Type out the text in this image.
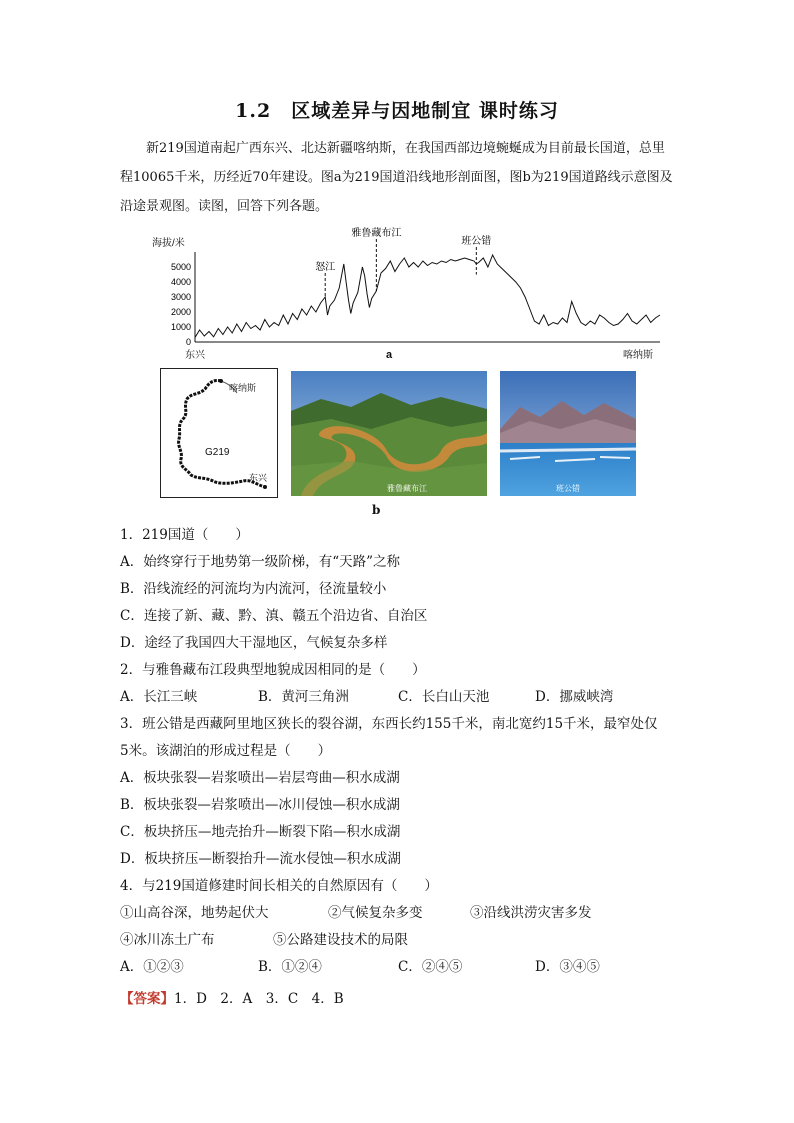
1.2　区域差异与因地制宜 课时练习

新219国道南起广西东兴、北达新疆喀纳斯，在我国西部边境蜿蜒成为目前最长国道，总里程10065千米，历经近70年建设。图a为219国道沿线地形剖面图，图b为219国道路线示意图及沿途景观图。读图，回答下列各题。

海拔/米
0
1000
2000
3000
4000
5000	怒江
雅鲁藏布江
班公错
东兴	喀纳斯
a
喀纳斯
G219
东兴
雅鲁藏布江	班公错
b
1．219国道（　　）
A．始终穿行于地势第一级阶梯，有“天路”之称
B．沿线流经的河流均为内流河，径流量较小
C．连接了新、藏、黔、滇、赣五个沿边省、自治区
D．途经了我国四大干湿地区，气候复杂多样
2．与雅鲁藏布江段典型地貌成因相同的是（　　）
A．长江三峡	B．黄河三角洲	C．长白山天池	D．挪威峡湾
3．班公错是西藏阿里地区狭长的裂谷湖，东西长约155千米，南北宽约15千米，最窄处仅
5米。该湖泊的形成过程是（　　）
A．板块张裂—岩浆喷出—岩层弯曲—积水成湖
B．板块张裂—岩浆喷出—冰川侵蚀—积水成湖
C．板块挤压—地壳抬升—断裂下陷—积水成湖
D．板块挤压—断裂抬升—流水侵蚀—积水成湖
4．与219国道修建时间长相关的自然原因有（　　）
①山高谷深，地势起伏大	②气候复杂多变	③沿线洪涝灾害多发
④冰川冻土广布	⑤公路建设技术的局限
A．①②③	B．①②④	C．②④⑤	D．③④⑤
【答案】1．D　2．A　3．C　4．B
